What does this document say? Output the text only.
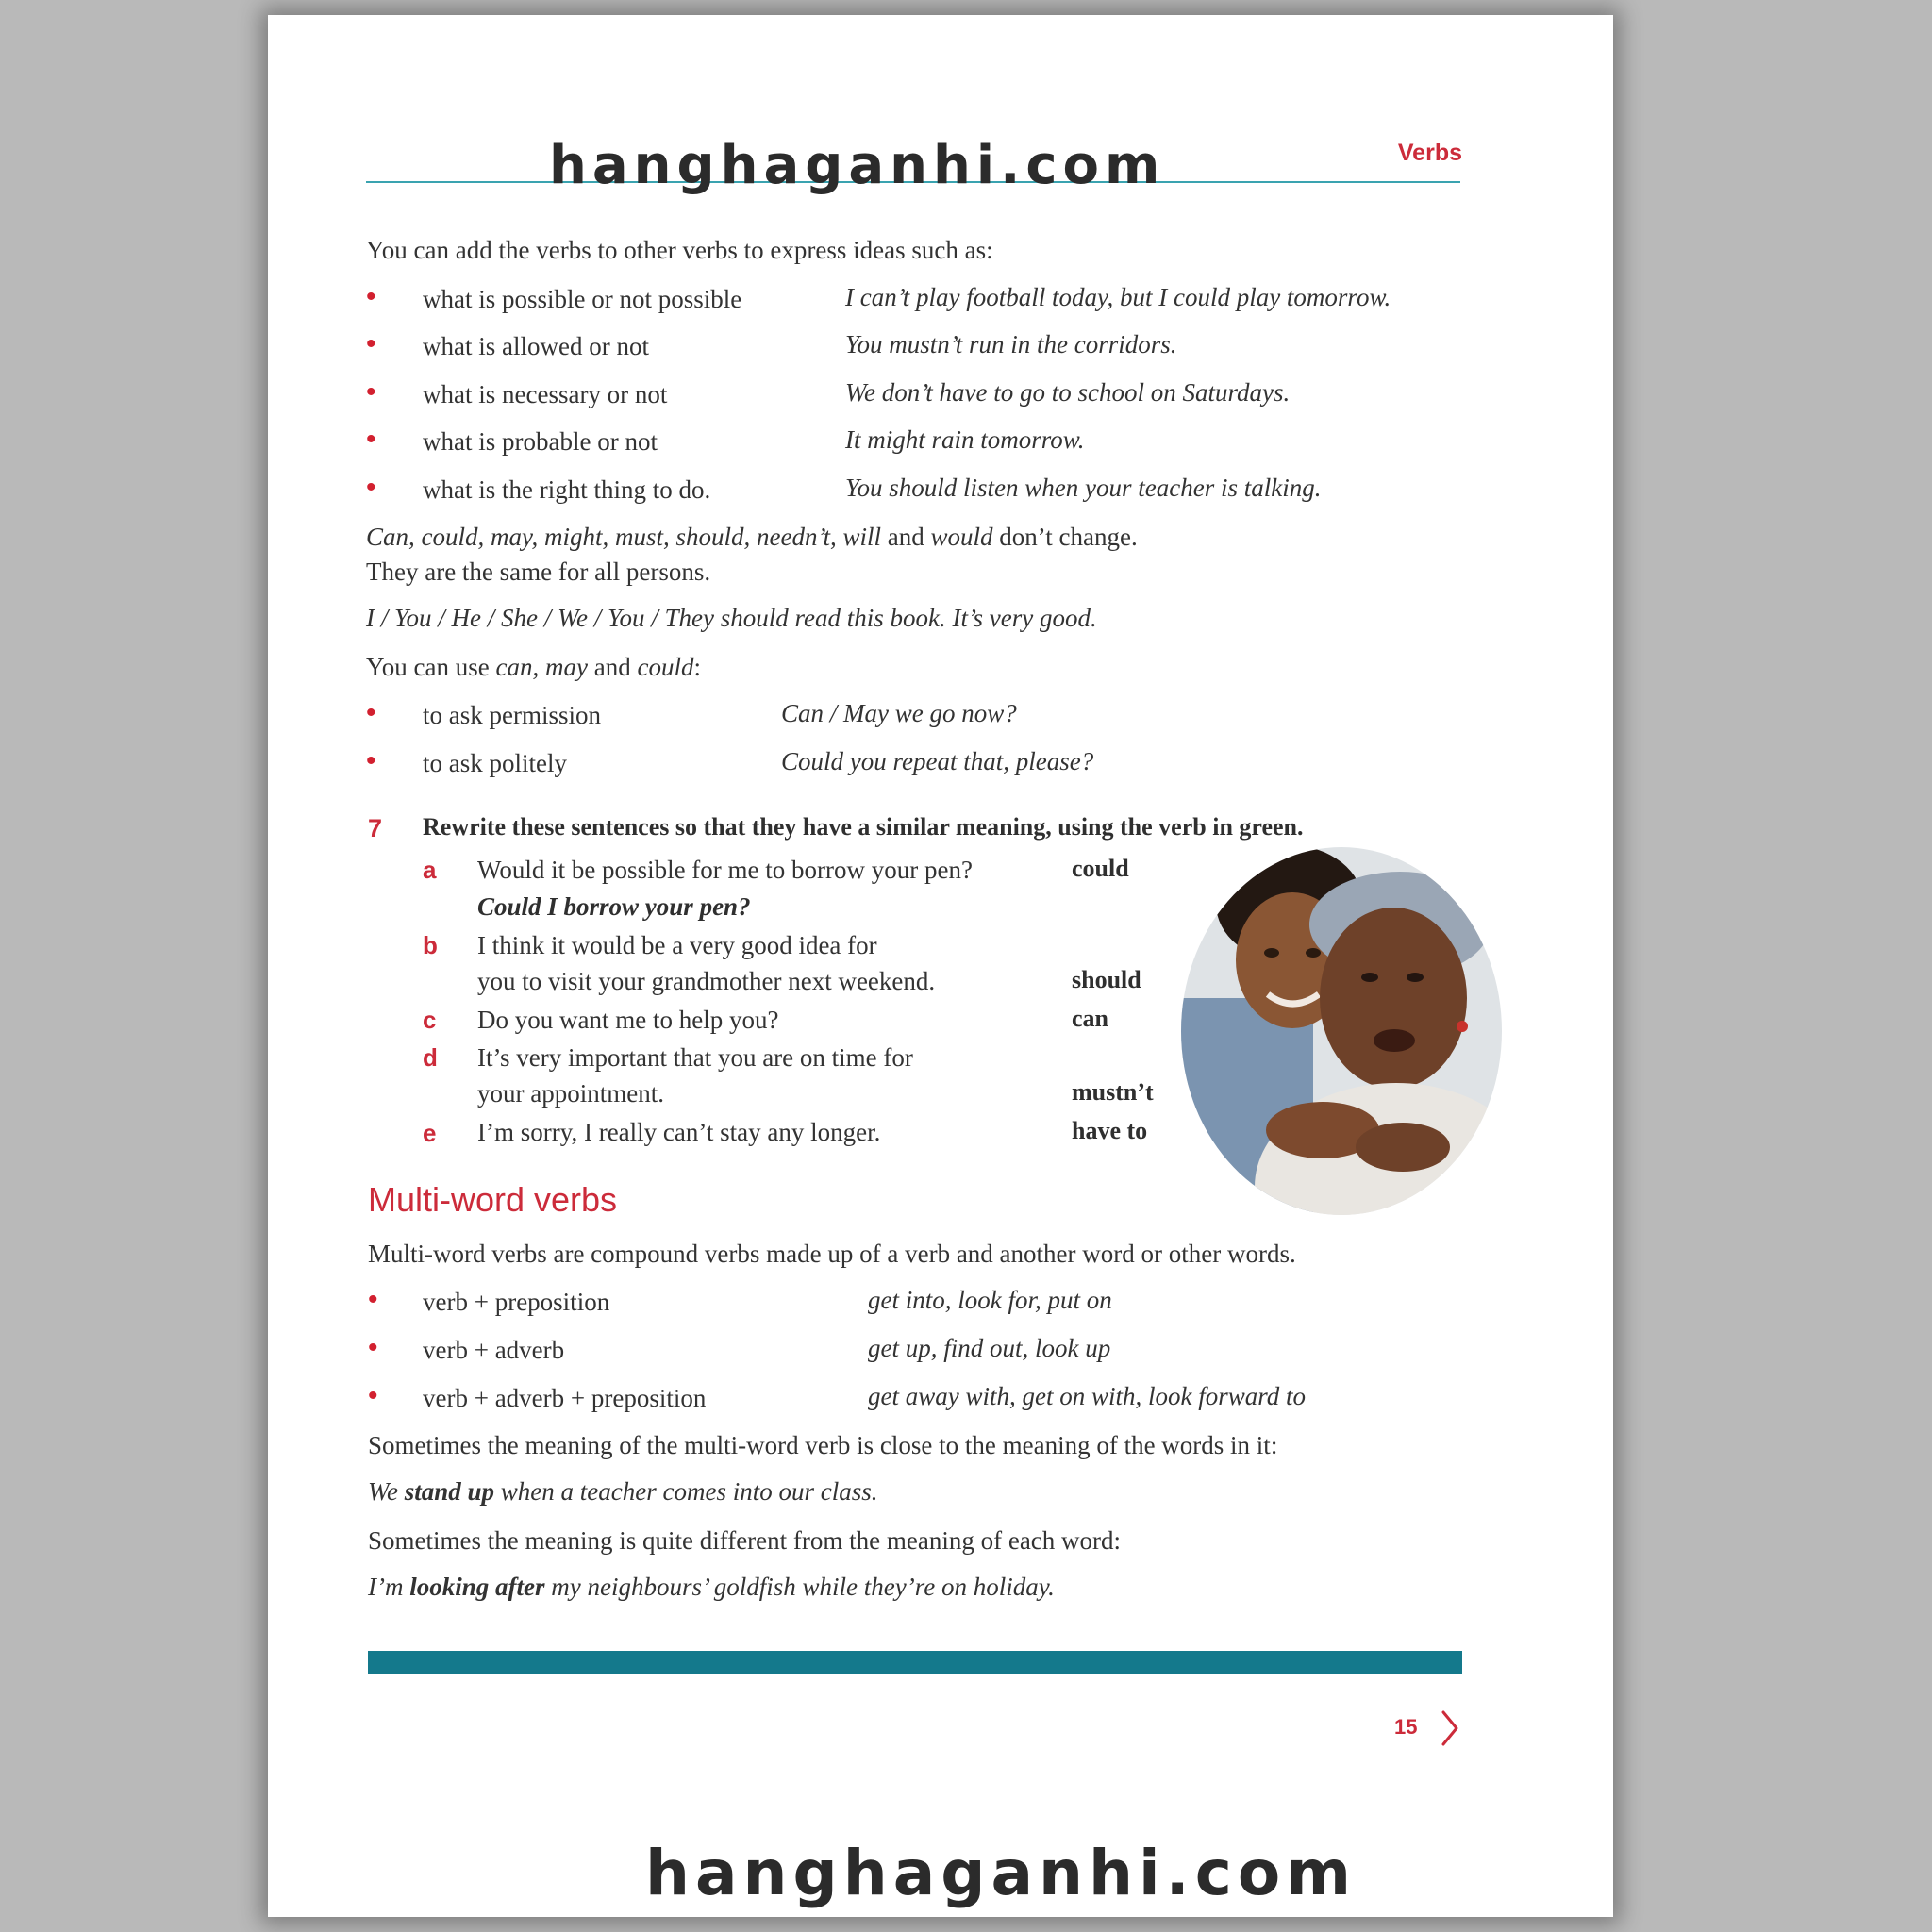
hanghaganhi.com	Verbs
You can add the verbs to other verbs to express ideas such as:
• what is possible or not possible	I can’t play football today, but I could play tomorrow.
• what is allowed or not	You mustn’t run in the corridors.
• what is necessary or not	We don’t have to go to school on Saturdays.
• what is probable or not	It might rain tomorrow.
• what is the right thing to do.	You should listen when your teacher is talking.
Can, could, may, might, must, should, needn’t, will and would don’t change.
They are the same for all persons.
I / You / He / She / We / You / They should read this book. It’s very good.
You can use can, may and could:
• to ask permission	Can / May we go now?
• to ask politely	Could you repeat that, please?
7 Rewrite these sentences so that they have a similar meaning, using the verb in green.
a Would it be possible for me to borrow your pen?	could
Could I borrow your pen?
b I think it would be a very good idea for
you to visit your grandmother next weekend.	should
c Do you want me to help you?	can
d It’s very important that you are on time for
your appointment.	mustn’t
e I’m sorry, I really can’t stay any longer.	have to
Multi-word verbs
Multi-word verbs are compound verbs made up of a verb and another word or other words.
• verb + preposition	get into, look for, put on
• verb + adverb	get up, find out, look up
• verb + adverb + preposition	get away with, get on with, look forward to
Sometimes the meaning of the multi-word verb is close to the meaning of the words in it:
We stand up when a teacher comes into our class.
Sometimes the meaning is quite different from the meaning of each word:
I’m looking after my neighbours’ goldfish while they’re on holiday.
15
hanghaganhi.com
